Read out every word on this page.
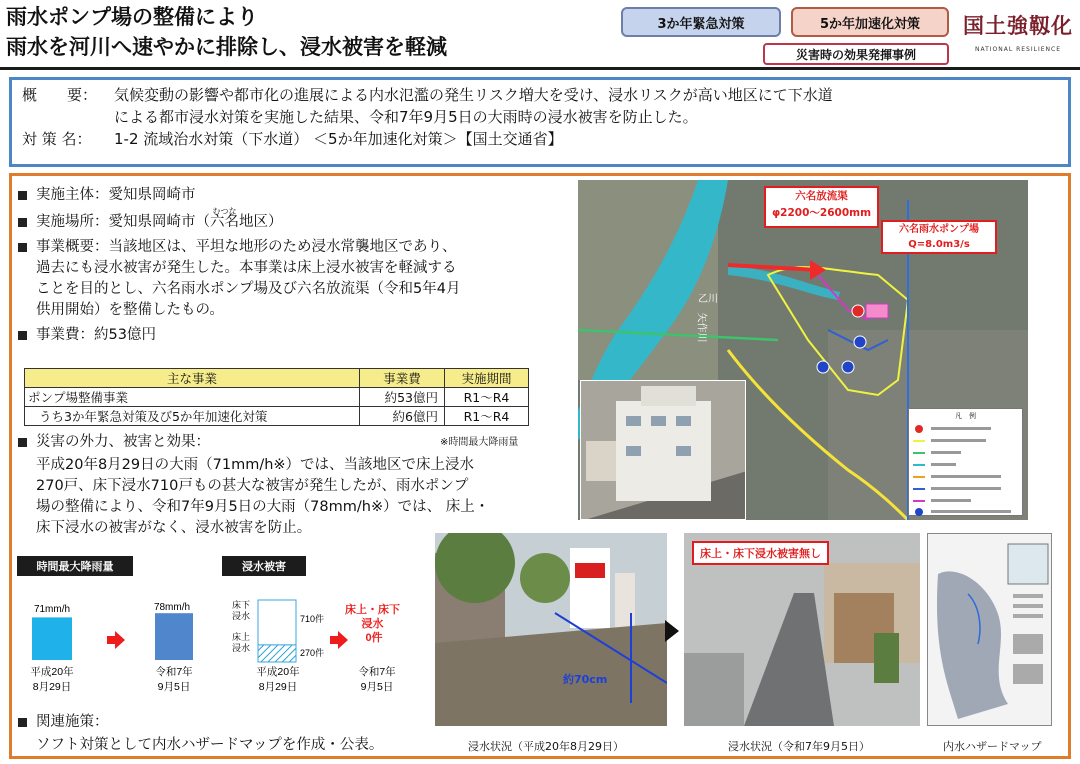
雨水ポンプ場の整備により
雨水を河川へ速やかに排除し、浸水被害を軽減
3か年緊急対策	5か年加速化対策
災害時の効果発揮事例
国土強靱化
NATIONAL RESILIENCE
概　　要：	気候変動の影響や都市化の進展による内水氾濫の発生リスク増大を受け、浸水リスクが高い地区にて下水道
による都市浸水対策を実施した結果、令和7年9月5日の大雨時の浸水被害を防止した。
対 策 名：	1-2 流域治水対策（下水道） ＜5か年加速化対策＞【国土交通省】
実施主体：愛知県岡崎市
実施場所：愛知県岡崎市（
むつな
六名地区）
事業概要：当該地区は、平坦な地形のため浸水常襲地区であり、
過去にも浸水被害が発生した。本事業は床上浸水被害を軽減する
ことを目的とし、六名雨水ポンプ場及び六名放流渠（令和5年4月
供用開始）を整備したもの。
事業費：約53億円
主な事業	事業費	実施期間
ポンプ場整備事業	約53億円	R1～R4
うち3か年緊急対策及び5か年加速化対策	約6億円	R1～R4
災害の外力、被害と効果：
平成20年8月29日の大雨（71mm/h※）では、当該地区で床上浸水
270戸、床下浸水710戸もの甚大な被害が発生したが、雨水ポンプ
場の整備により、令和7年9月5日の大雨（78mm/h※）では、 床上・
床下浸水の被害がなく、浸水被害を防止。
※時間最大降雨量
時間最大降雨量
71mm/h	78mm/h
平成20年
8月29日
令和7年
9月5日
浸水被害
床下浸水
床上浸水
710件
270件
床上・床下 浸水 0件
平成20年
8月29日
令和7年
9月5日
関連施策：
ソフト対策として内水ハザードマップを作成・公表。
矢作川
乙川
六名放流渠
φ2200～2600mm
六名雨水ポンプ場
Q=8.0m3/s
凡　例
約70cm
床上・床下浸水被害無し
浸水状況（平成20年8月29日）	浸水状況（令和7年9月5日）	内水ハザードマップ
